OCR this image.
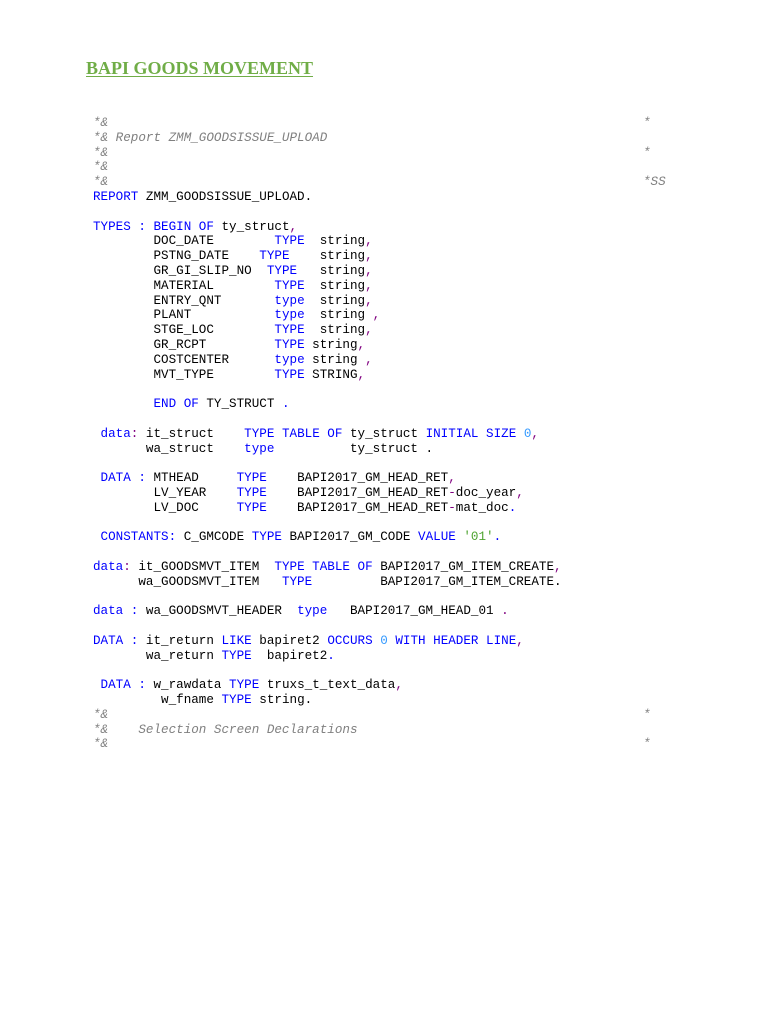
BAPI GOODS MOVEMENT
*&	*
*& Report ZMM_GOODSISSUE_UPLOAD
*&	*
*&
*&	*SS
REPORT ZMM_GOODSISSUE_UPLOAD.
TYPES : BEGIN OF ty_struct,
DOC_DATE        TYPE  string,
PSTNG_DATE    TYPE    string,
GR_GI_SLIP_NO  TYPE   string,
MATERIAL        TYPE  string,
ENTRY_QNT       type  string,
PLANT           type  string ,
STGE_LOC        TYPE  string,
GR_RCPT         TYPE string,
COSTCENTER      type string ,
MVT_TYPE        TYPE STRING,
END OF TY_STRUCT .
data: it_struct    TYPE TABLE OF ty_struct INITIAL SIZE 0,
wa_struct    type          ty_struct .
DATA : MTHEAD     TYPE    BAPI2017_GM_HEAD_RET,
LV_YEAR    TYPE    BAPI2017_GM_HEAD_RET-doc_year,
LV_DOC     TYPE    BAPI2017_GM_HEAD_RET-mat_doc.
CONSTANTS: C_GMCODE TYPE BAPI2017_GM_CODE VALUE '01'.
data: it_GOODSMVT_ITEM  TYPE TABLE OF BAPI2017_GM_ITEM_CREATE,
wa_GOODSMVT_ITEM   TYPE         BAPI2017_GM_ITEM_CREATE.
data : wa_GOODSMVT_HEADER  type   BAPI2017_GM_HEAD_01 .
DATA : it_return LIKE bapiret2 OCCURS 0 WITH HEADER LINE,
wa_return TYPE  bapiret2.
DATA : w_rawdata TYPE truxs_t_text_data,
w_fname TYPE string.
*&	*
*&    Selection Screen Declarations
*&	*
